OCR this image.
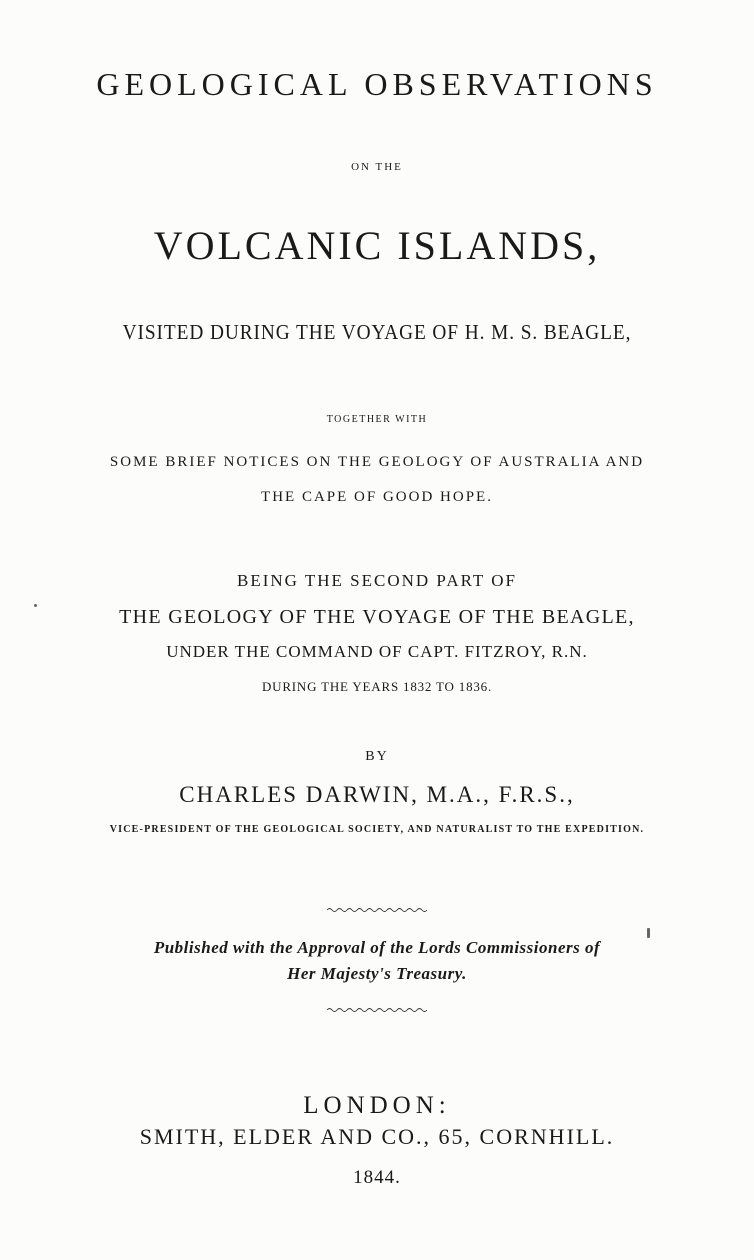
GEOLOGICAL OBSERVATIONS
ON THE
VOLCANIC ISLANDS,
VISITED DURING THE VOYAGE OF H. M. S. BEAGLE,
TOGETHER WITH
SOME BRIEF NOTICES ON THE GEOLOGY OF AUSTRALIA AND
THE CAPE OF GOOD HOPE.
BEING THE SECOND PART OF
THE GEOLOGY OF THE VOYAGE OF THE BEAGLE,
UNDER THE COMMAND OF CAPT. FITZROY, R.N.
DURING THE YEARS 1832 TO 1836.
BY
CHARLES DARWIN, M.A., F.R.S.,
VICE-PRESIDENT OF THE GEOLOGICAL SOCIETY, AND NATURALIST TO THE EXPEDITION.
Published with the Approval of the Lords Commissioners of
Her Majesty's Treasury.
LONDON:
SMITH, ELDER AND CO., 65, CORNHILL.
1844.
